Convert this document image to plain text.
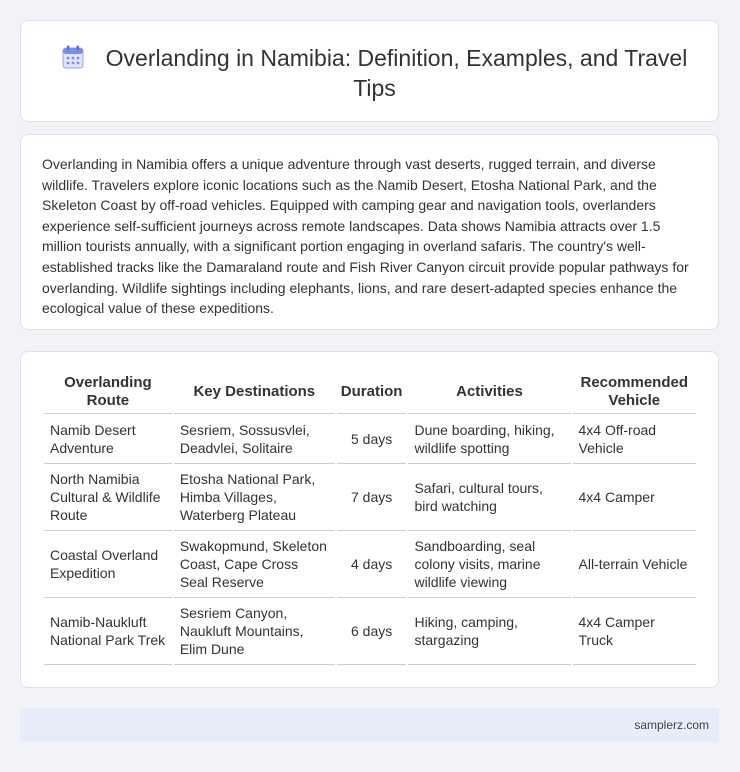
Overlanding in Namibia: Definition, Examples, and Travel Tips

Overlanding in Namibia offers a unique adventure through vast deserts, rugged terrain, and diverse wildlife. Travelers explore iconic locations such as the Namib Desert, Etosha National Park, and the Skeleton Coast by off-road vehicles. Equipped with camping gear and navigation tools, overlanders experience self-sufficient journeys across remote landscapes. Data shows Namibia attracts over 1.5 million tourists annually, with a significant portion engaging in overland safaris. The country's well-established tracks like the Damaraland route and Fish River Canyon circuit provide popular pathways for overlanding. Wildlife sightings including elephants, lions, and rare desert-adapted species enhance the ecological value of these expeditions.

Overlanding Route	Key Destinations	Duration	Activities	Recommended Vehicle
Namib Desert Adventure	Sesriem, Sossusvlei, Deadvlei, Solitaire	5 days	Dune boarding, hiking, wildlife spotting	4x4 Off-road Vehicle
North Namibia Cultural & Wildlife Route	Etosha National Park, Himba Villages, Waterberg Plateau	7 days	Safari, cultural tours, bird watching	4x4 Camper
Coastal Overland Expedition	Swakopmund, Skeleton Coast, Cape Cross Seal Reserve	4 days	Sandboarding, seal colony visits, marine wildlife viewing	All-terrain Vehicle
Namib-Naukluft National Park Trek	Sesriem Canyon, Naukluft Mountains, Elim Dune	6 days	Hiking, camping, stargazing	4x4 Camper Truck
samplerz.com
